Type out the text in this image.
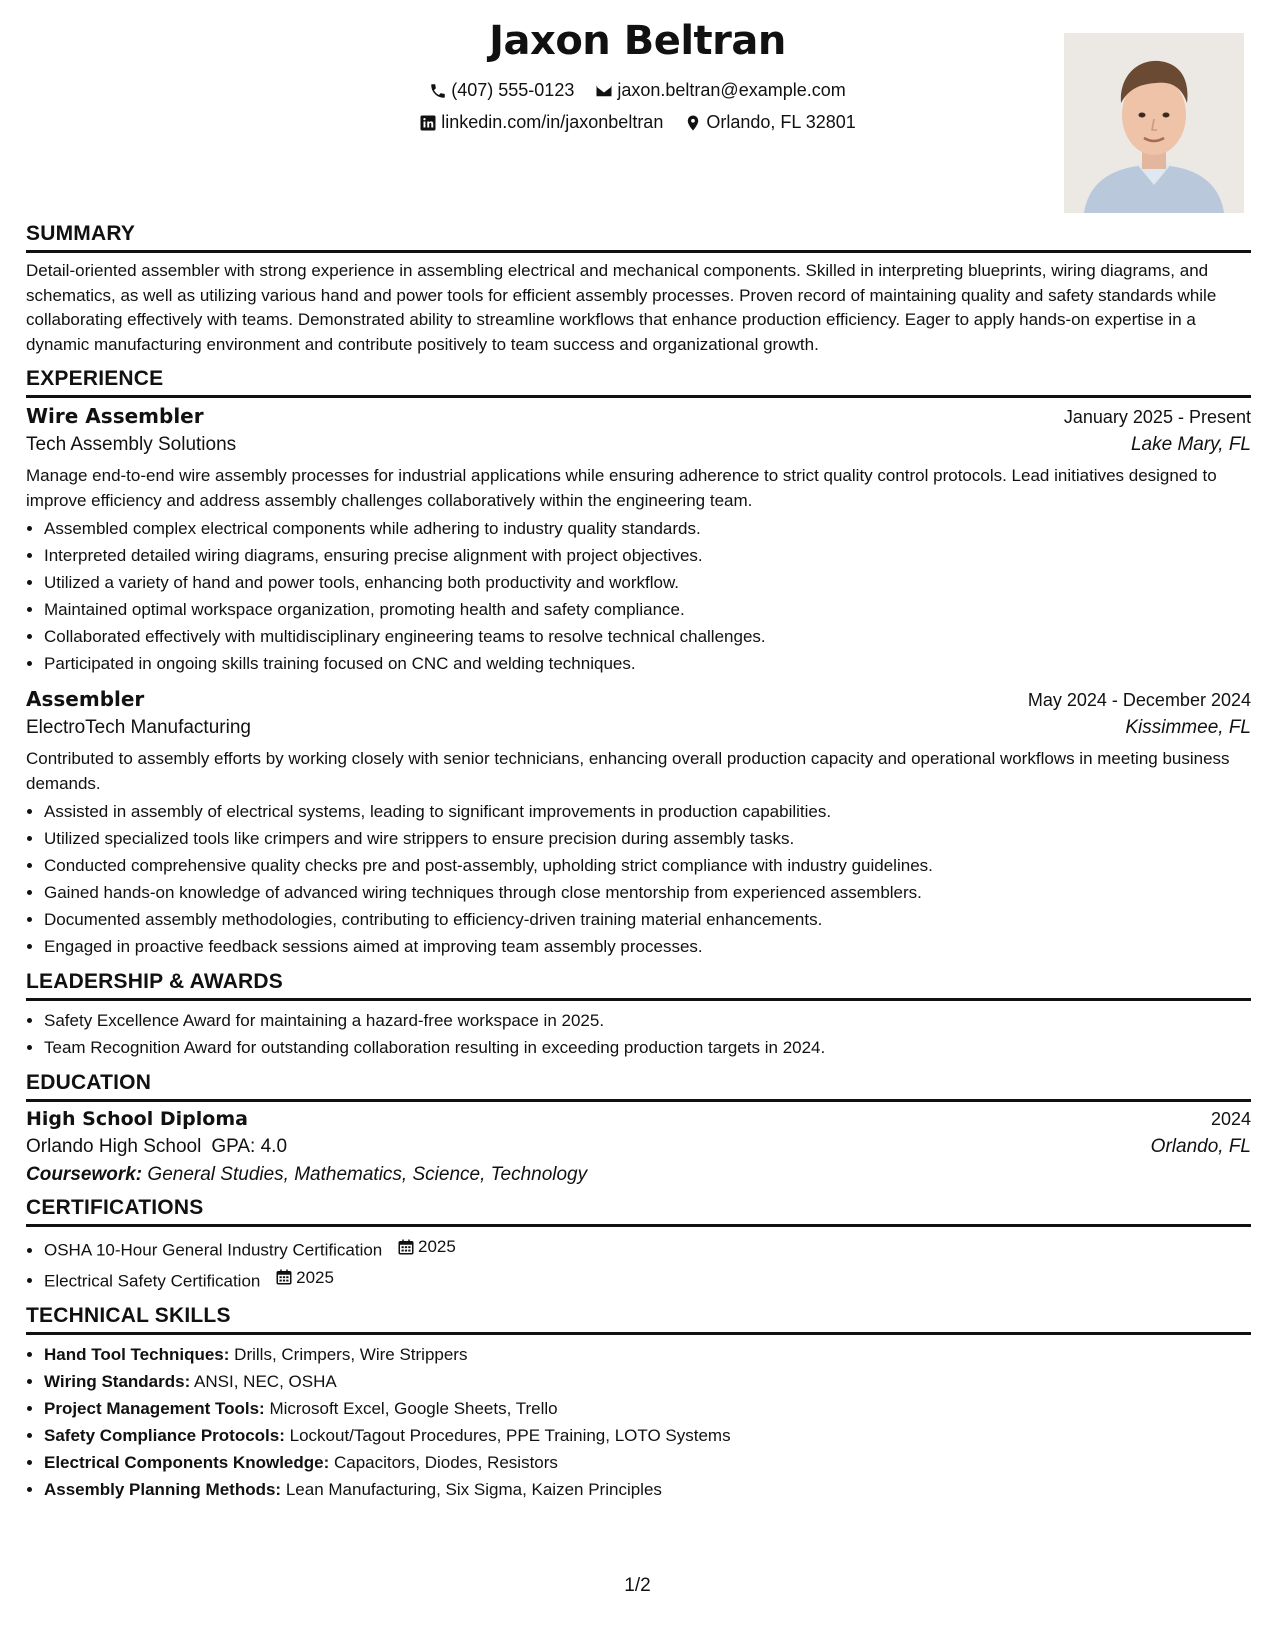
Jaxon Beltran
(407) 555-0123
jaxon.beltran@example.com
linkedin.com/in/jaxonbeltran
Orlando, FL 32801
SUMMARY

Detail-oriented assembler with strong experience in assembling electrical and mechanical components. Skilled in interpreting blueprints, wiring diagrams, and schematics, as well as utilizing various hand and power tools for efficient assembly processes. Proven record of maintaining quality and safety standards while collaborating effectively with teams. Demonstrated ability to streamline workflows that enhance production efficiency. Eager to apply hands-on expertise in a dynamic manufacturing environment and contribute positively to team success and organizational growth.

EXPERIENCE
Wire Assembler	January 2025 - Present
Tech Assembly Solutions	Lake Mary, FL

Manage end-to-end wire assembly processes for industrial applications while ensuring adherence to strict quality control protocols. Lead initiatives designed to improve efficiency and address assembly challenges collaboratively within the engineering team.

• Assembled complex electrical components while adhering to industry quality standards.
• Interpreted detailed wiring diagrams, ensuring precise alignment with project objectives.
• Utilized a variety of hand and power tools, enhancing both productivity and workflow.
• Maintained optimal workspace organization, promoting health and safety compliance.
• Collaborated effectively with multidisciplinary engineering teams to resolve technical challenges.
• Participated in ongoing skills training focused on CNC and welding techniques.
Assembler	May 2024 - December 2024
ElectroTech Manufacturing	Kissimmee, FL

Contributed to assembly efforts by working closely with senior technicians, enhancing overall production capacity and operational workflows in meeting business demands.

• Assisted in assembly of electrical systems, leading to significant improvements in production capabilities.
• Utilized specialized tools like crimpers and wire strippers to ensure precision during assembly tasks.
• Conducted comprehensive quality checks pre and post-assembly, upholding strict compliance with industry guidelines.
• Gained hands-on knowledge of advanced wiring techniques through close mentorship from experienced assemblers.
• Documented assembly methodologies, contributing to efficiency-driven training material enhancements.
• Engaged in proactive feedback sessions aimed at improving team assembly processes.
LEADERSHIP & AWARDS
• Safety Excellence Award for maintaining a hazard-free workspace in 2025.
• Team Recognition Award for outstanding collaboration resulting in exceeding production targets in 2024.
EDUCATION
High School Diploma	2024
Orlando High School GPA: 4.0	Orlando, FL
Coursework: General Studies, Mathematics, Science, Technology
CERTIFICATIONS
• OSHA 10-Hour General Industry Certification 2025
• Electrical Safety Certification 2025
TECHNICAL SKILLS
• Hand Tool Techniques: Drills, Crimpers, Wire Strippers
• Wiring Standards: ANSI, NEC, OSHA
• Project Management Tools: Microsoft Excel, Google Sheets, Trello
• Safety Compliance Protocols: Lockout/Tagout Procedures, PPE Training, LOTO Systems
• Electrical Components Knowledge: Capacitors, Diodes, Resistors
• Assembly Planning Methods: Lean Manufacturing, Six Sigma, Kaizen Principles
1/2
